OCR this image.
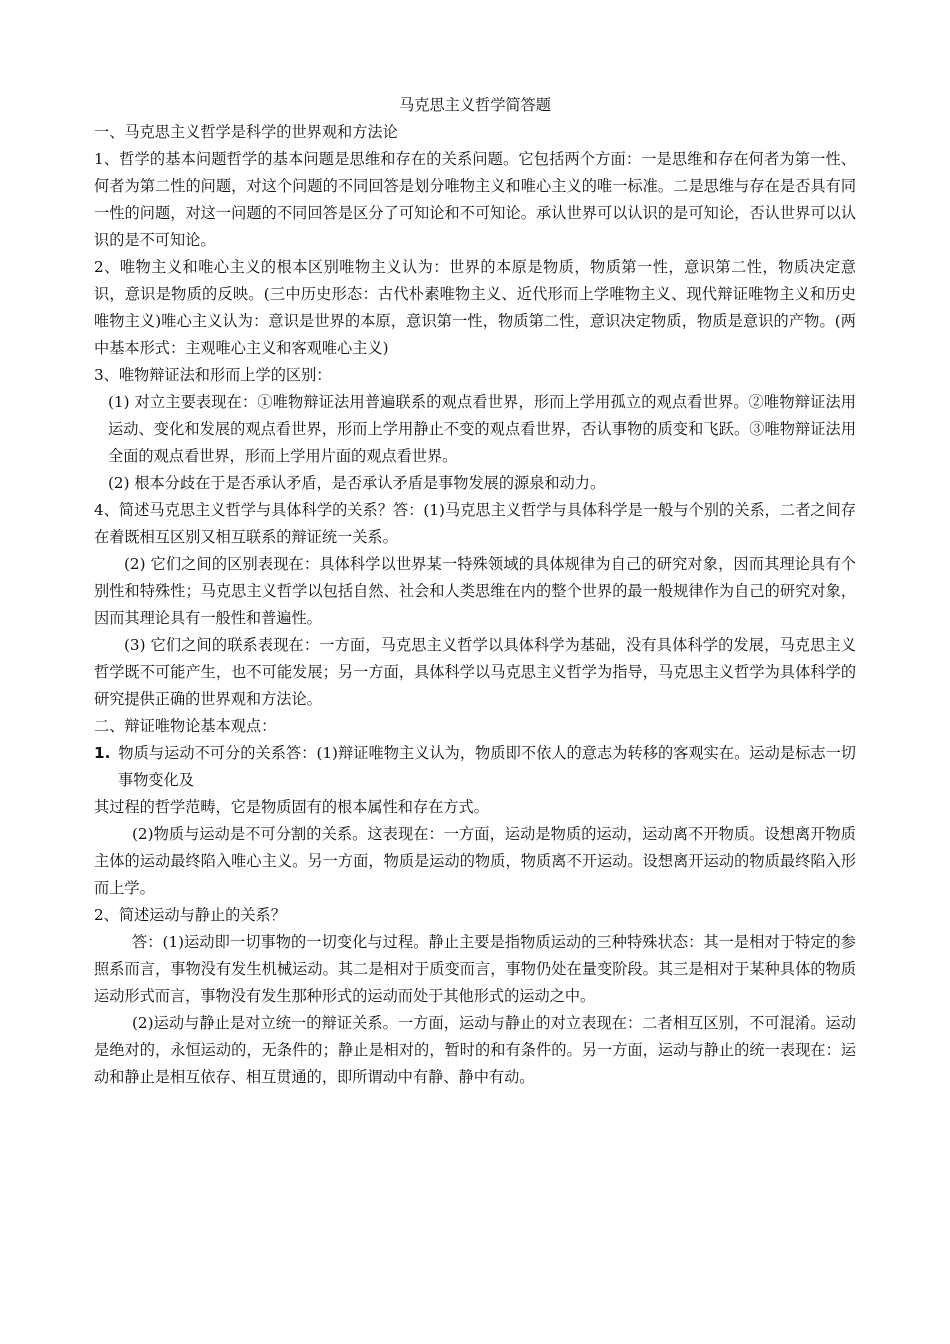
马克思主义哲学简答题

一、马克思主义哲学是科学的世界观和方法论

1、哲学的基本问题哲学的基本问题是思维和存在的关系问题。它包括两个方面：一是思维和存在何者为第一性、何者为第二性的问题，对这个问题的不同回答是划分唯物主义和唯心主义的唯一标准。二是思维与存在是否具有同一性的问题，对这一问题的不同回答是区分了可知论和不可知论。承认世界可以认识的是可知论，否认世界可以认识的是不可知论。

2、唯物主义和唯心主义的根本区别唯物主义认为：世界的本原是物质，物质第一性，意识第二性，物质决定意识，意识是物质的反映。(三中历史形态：古代朴素唯物主义、近代形而上学唯物主义、现代辩证唯物主义和历史唯物主义)唯心主义认为：意识是世界的本原，意识第一性，物质第二性，意识决定物质，物质是意识的产物。(两中基本形式：主观唯心主义和客观唯心主义)

3、唯物辩证法和形而上学的区别：

(1) 对立主要表现在：①唯物辩证法用普遍联系的观点看世界，形而上学用孤立的观点看世界。②唯物辩证法用运动、变化和发展的观点看世界，形而上学用静止不变的观点看世界，否认事物的质变和飞跃。③唯物辩证法用全面的观点看世界，形而上学用片面的观点看世界。

(2) 根本分歧在于是否承认矛盾，是否承认矛盾是事物发展的源泉和动力。

4、简述马克思主义哲学与具体科学的关系？答：(1)马克思主义哲学与具体科学是一般与个别的关系，二者之间存在着既相互区别又相互联系的辩证统一关系。

(2) 它们之间的区别表现在：具体科学以世界某一特殊领域的具体规律为自己的研究对象，因而其理论具有个别性和特殊性；马克思主义哲学以包括自然、社会和人类思维在内的整个世界的最一般规律作为自己的研究对象，因而其理论具有一般性和普遍性。

(3) 它们之间的联系表现在：一方面，马克思主义哲学以具体科学为基础，没有具体科学的发展，马克思主义哲学既不可能产生，也不可能发展；另一方面，具体科学以马克思主义哲学为指导，马克思主义哲学为具体科学的研究提供正确的世界观和方法论。

二、辩证唯物论基本观点：

1. 物质与运动不可分的关系答：(1)辩证唯物主义认为，物质即不依人的意志为转移的客观实在。运动是标志一切事物变化及

其过程的哲学范畴，它是物质固有的根本属性和存在方式。

(2)物质与运动是不可分割的关系。这表现在：一方面，运动是物质的运动，运动离不开物质。设想离开物质主体的运动最终陷入唯心主义。另一方面，物质是运动的物质，物质离不开运动。设想离开运动的物质最终陷入形而上学。

2、简述运动与静止的关系？

答：(1)运动即一切事物的一切变化与过程。静止主要是指物质运动的三种特殊状态：其一是相对于特定的参照系而言，事物没有发生机械运动。其二是相对于质变而言，事物仍处在量变阶段。其三是相对于某种具体的物质运动形式而言，事物没有发生那种形式的运动而处于其他形式的运动之中。

(2)运动与静止是对立统一的辩证关系。一方面，运动与静止的对立表现在：二者相互区别，不可混淆。运动是绝对的，永恒运动的，无条件的；静止是相对的，暂时的和有条件的。另一方面，运动与静止的统一表现在：运动和静止是相互依存、相互贯通的，即所谓动中有静、静中有动。
